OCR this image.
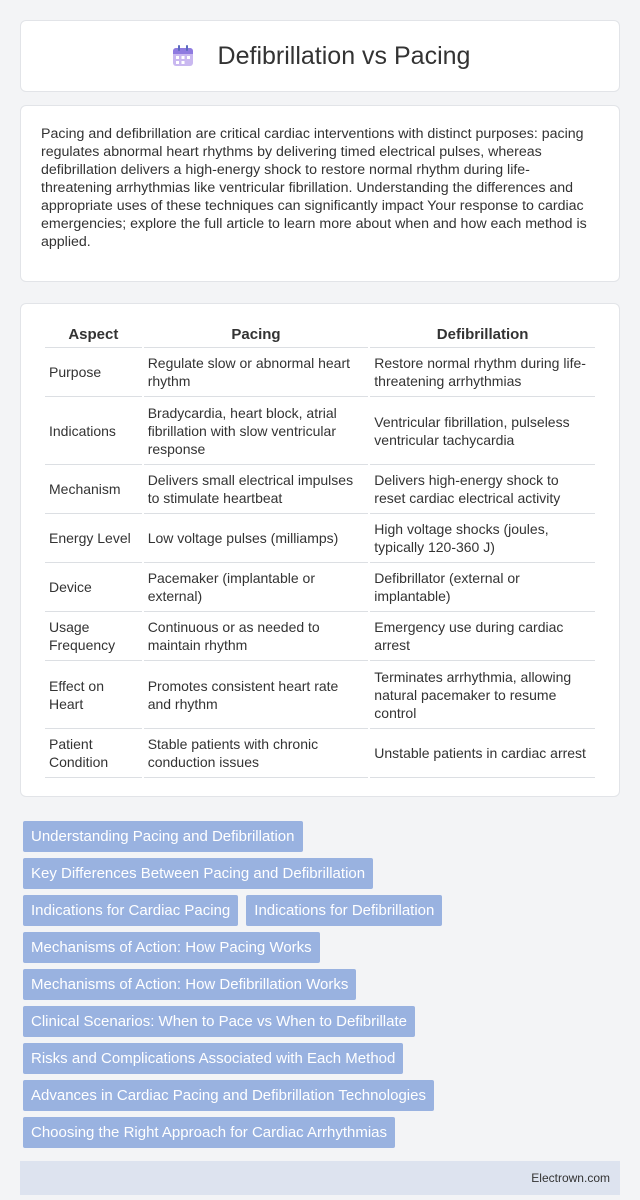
Defibrillation vs Pacing

Pacing and defibrillation are critical cardiac interventions with distinct purposes: pacing regulates abnormal heart rhythms by delivering timed electrical pulses, whereas defibrillation delivers a high-energy shock to restore normal rhythm during life-threatening arrhythmias like ventricular fibrillation. Understanding the differences and appropriate uses of these techniques can significantly impact Your response to cardiac emergencies; explore the full article to learn more about when and how each method is applied.

Aspect	Pacing	Defibrillation
Purpose	Regulate slow or abnormal heart rhythm	Restore normal rhythm during life-threatening arrhythmias
Indications	Bradycardia, heart block, atrial fibrillation with slow ventricular response	Ventricular fibrillation, pulseless ventricular tachycardia
Mechanism	Delivers small electrical impulses to stimulate heartbeat	Delivers high-energy shock to reset cardiac electrical activity
Energy Level	Low voltage pulses (milliamps)	High voltage shocks (joules, typically 120-360 J)
Device	Pacemaker (implantable or external)	Defibrillator (external or implantable)
Usage Frequency	Continuous or as needed to maintain rhythm	Emergency use during cardiac arrest
Effect on Heart	Promotes consistent heart rate and rhythm	Terminates arrhythmia, allowing natural pacemaker to resume control
Patient Condition	Stable patients with chronic conduction issues	Unstable patients in cardiac arrest
Understanding Pacing and Defibrillation
Key Differences Between Pacing and Defibrillation
Indications for Cardiac Pacing	Indications for Defibrillation
Mechanisms of Action: How Pacing Works
Mechanisms of Action: How Defibrillation Works
Clinical Scenarios: When to Pace vs When to Defibrillate
Risks and Complications Associated with Each Method
Advances in Cardiac Pacing and Defibrillation Technologies
Choosing the Right Approach for Cardiac Arrhythmias
Electrown.com
